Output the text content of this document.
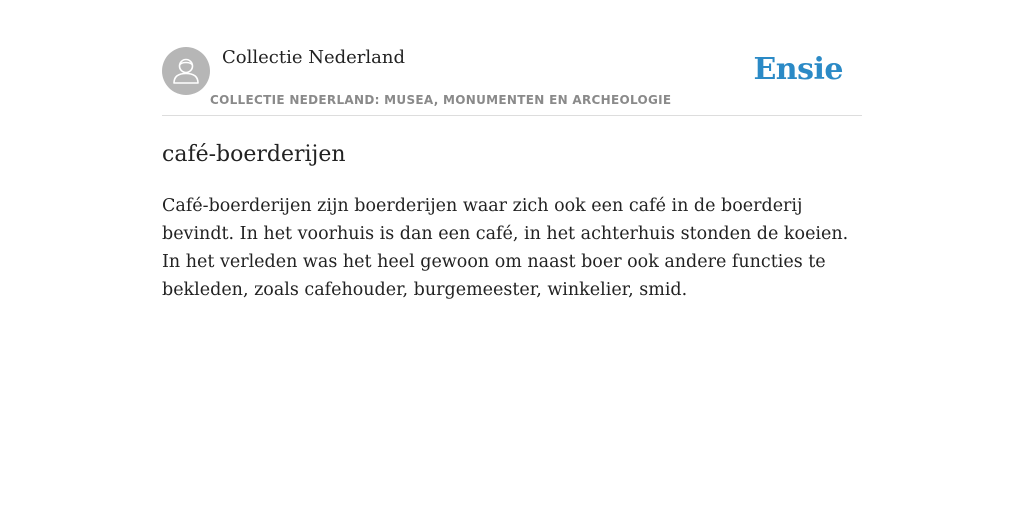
Collectie Nederland
COLLECTIE NEDERLAND: MUSEA, MONUMENTEN EN ARCHEOLOGIE
Ensie
café-boerderijen

Café-boerderijen zijn boerderijen waar zich ook een café in de boerderij bevindt. In het voorhuis is dan een café, in het achterhuis stonden de koeien. In het verleden was het heel gewoon om naast boer ook andere functies te bekleden, zoals cafehouder, burgemeester, winkelier, smid.
